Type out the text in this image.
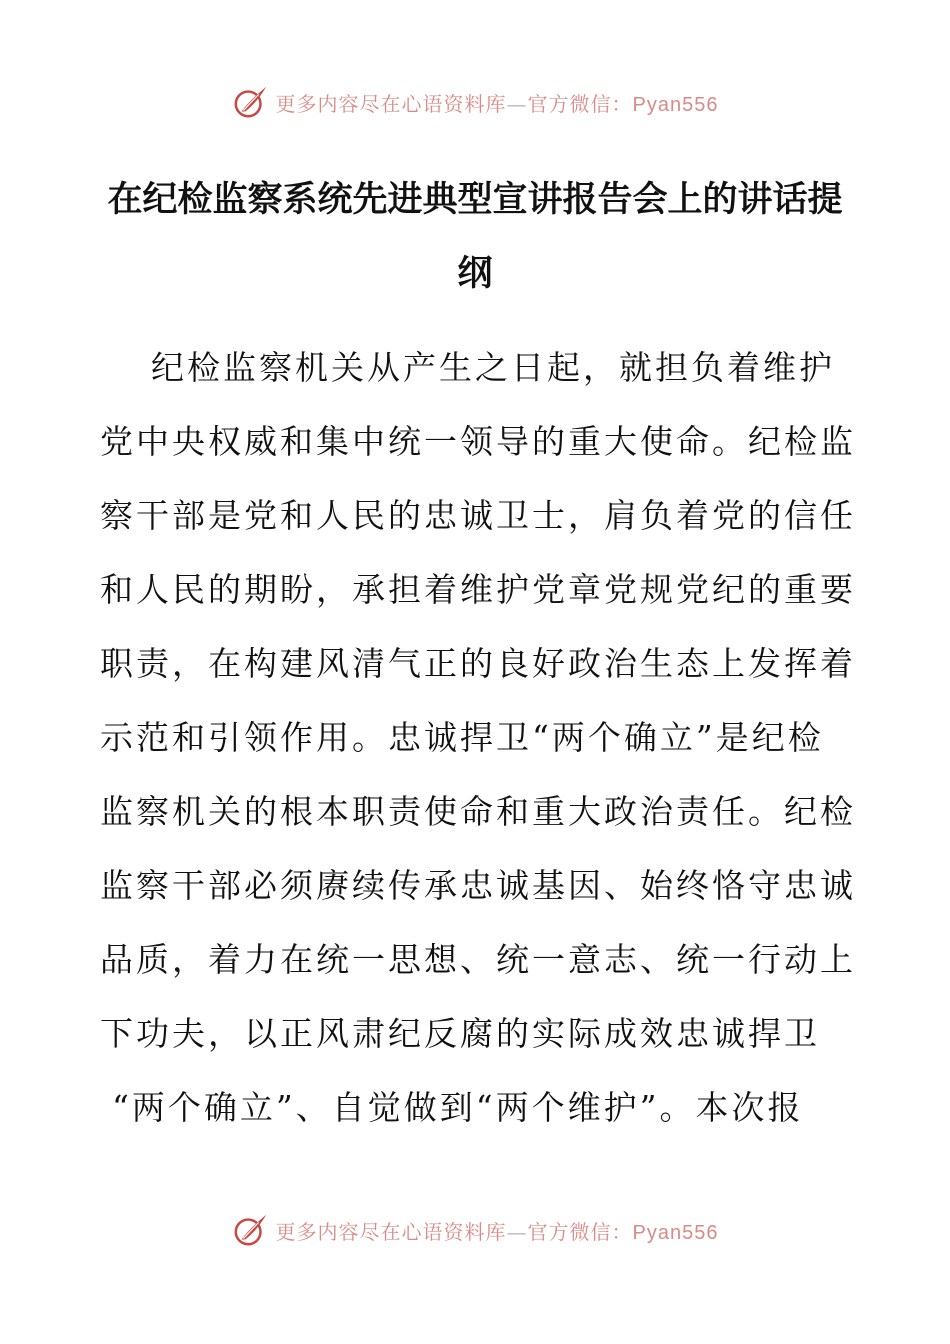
更多内容尽在心语资料库—官方微信：Pyan556
在纪检监察系统先进典型宣讲报告会上的讲话提
纲
纪检监察机关从产生之日起，就担负着维护
党中央权威和集中统一领导的重大使命。纪检监
察干部是党和人民的忠诚卫士，肩负着党的信任
和人民的期盼，承担着维护党章党规党纪的重要
职责，在构建风清气正的良好政治生态上发挥着
示范和引领作用。忠诚捍卫“两个确立”是纪检
监察机关的根本职责使命和重大政治责任。纪检
监察干部必须赓续传承忠诚基因、始终恪守忠诚
品质，着力在统一思想、统一意志、统一行动上
下功夫，以正风肃纪反腐的实际成效忠诚捍卫
“两个确立”、自觉做到“两个维护”。本次报
更多内容尽在心语资料库—官方微信：Pyan556
